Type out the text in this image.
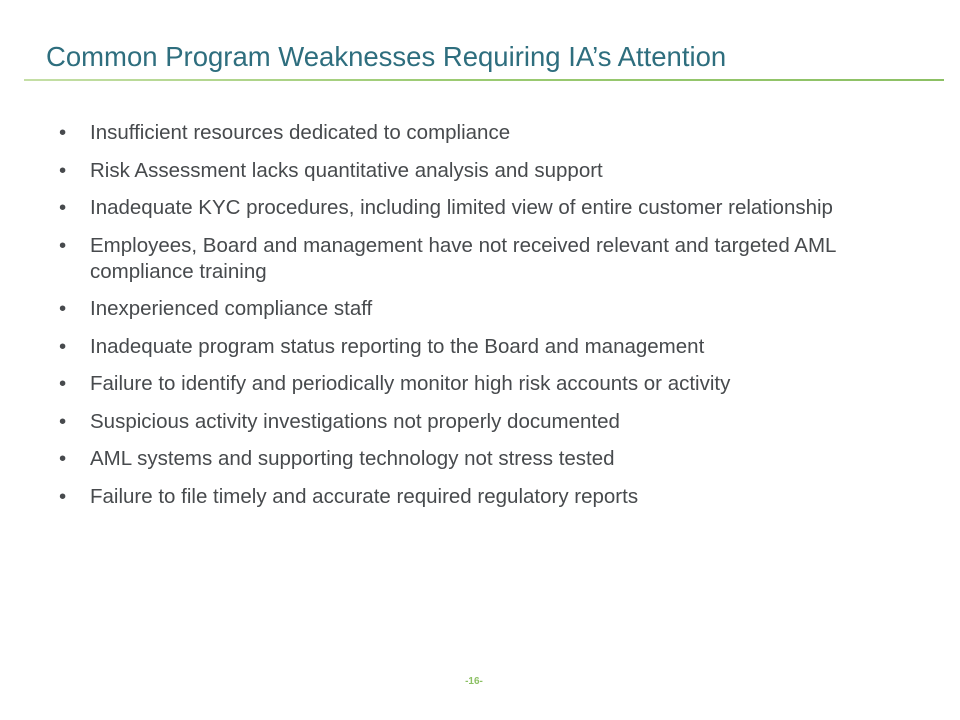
Common Program Weaknesses Requiring IA’s Attention
• Insufficient resources dedicated to compliance
• Risk Assessment lacks quantitative analysis and support
• Inadequate KYC procedures, including limited view of entire customer relationship
• Employees, Board and management have not received relevant and targeted AML compliance training
• Inexperienced compliance staff
• Inadequate program status reporting to the Board and management
• Failure to identify and periodically monitor high risk accounts or activity
• Suspicious activity investigations not properly documented
• AML systems and supporting technology not stress tested
• Failure to file timely and accurate required regulatory reports
-16-
